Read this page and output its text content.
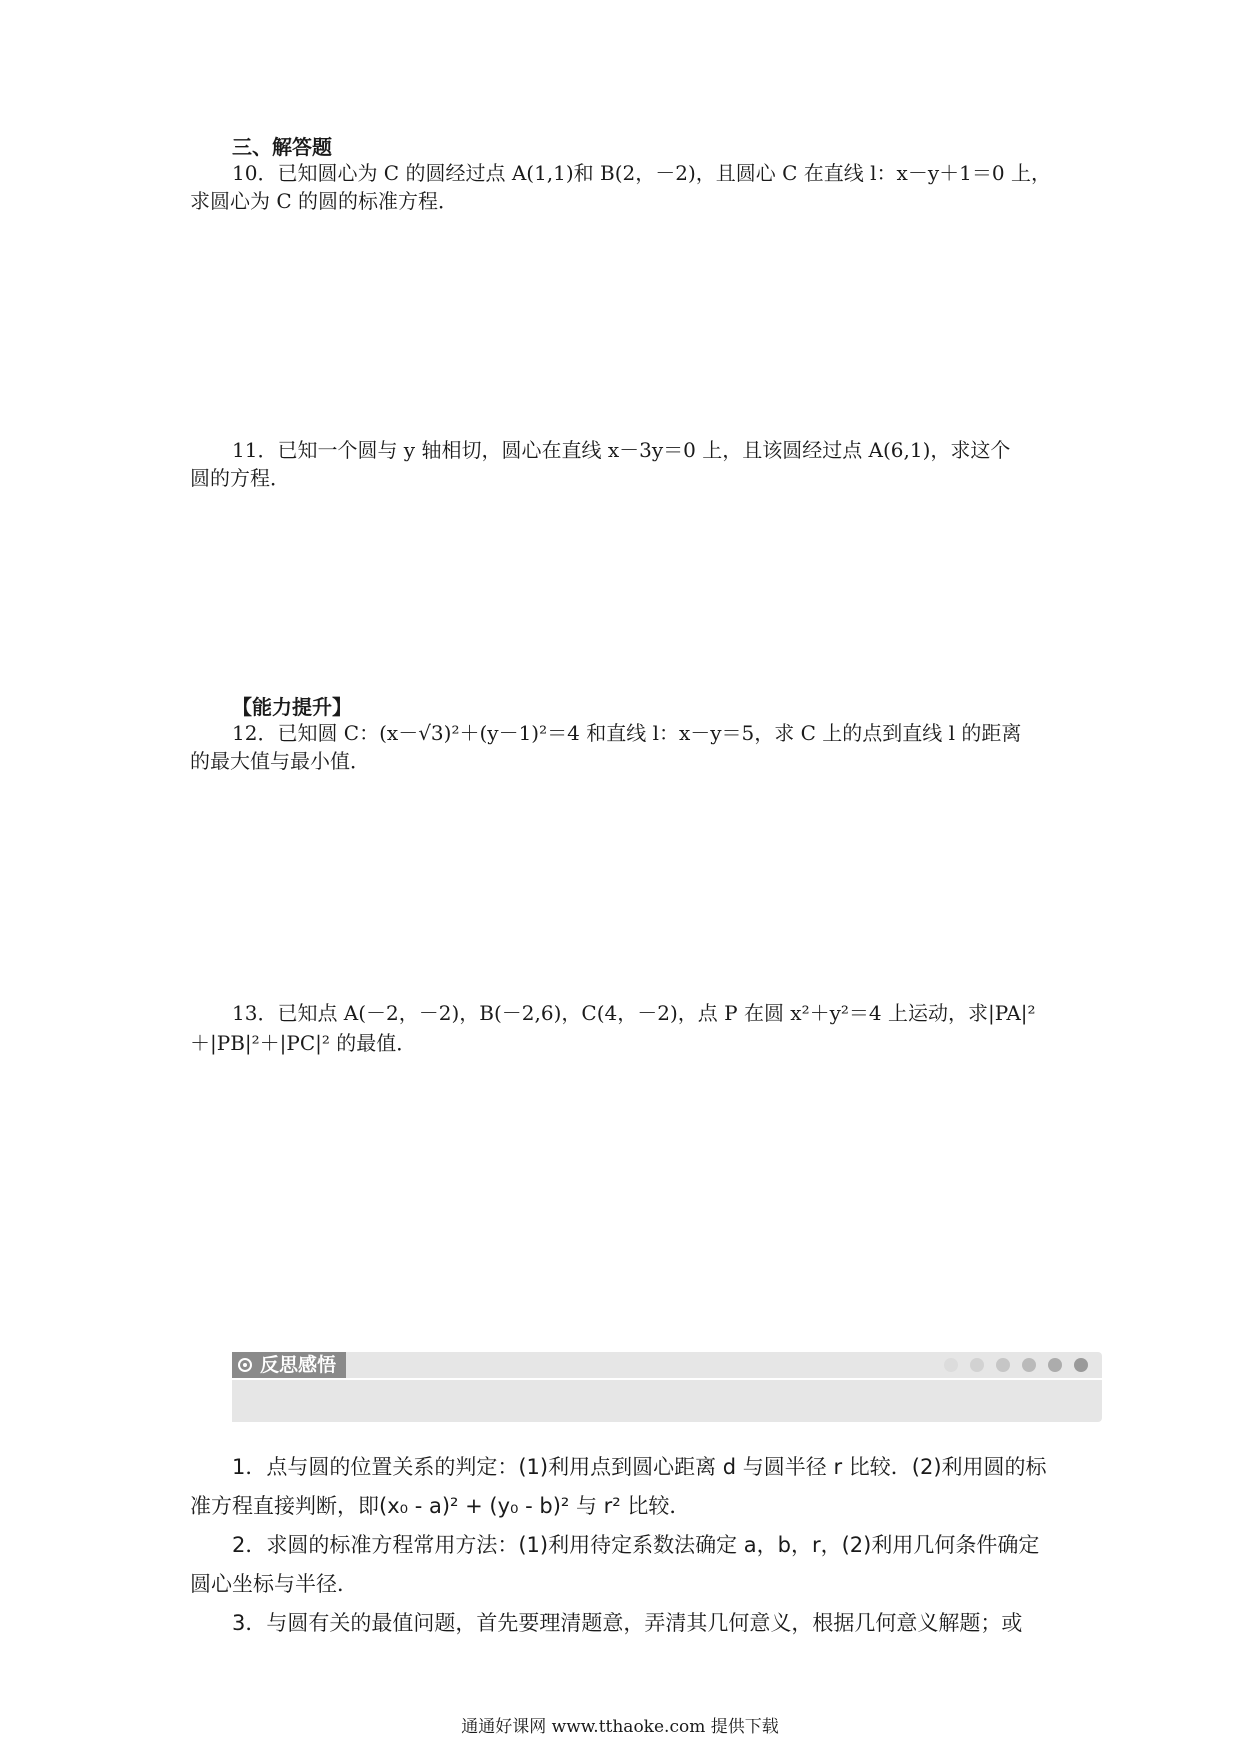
三、解答题
10．已知圆心为 C 的圆经过点 A(1,1)和 B(2，－2)，且圆心 C 在直线 l：x－y＋1＝0 上，
求圆心为 C 的圆的标准方程．
11．已知一个圆与 y 轴相切，圆心在直线 x－3y＝0 上，且该圆经过点 A(6,1)，求这个
圆的方程．
【能力提升】
12．已知圆 C：(x－√3)²＋(y－1)²＝4 和直线 l：x－y＝5，求 C 上的点到直线 l 的距离
的最大值与最小值．
13．已知点 A(－2，－2)，B(－2,6)，C(4，－2)，点 P 在圆 x²＋y²＝4 上运动，求|PA|²
＋|PB|²＋|PC|² 的最值．
反思感悟
1．点与圆的位置关系的判定：(1)利用点到圆心距离 d 与圆半径 r 比较．(2)利用圆的标
准方程直接判断，即(x₀ - a)² + (y₀ - b)² 与 r² 比较．
2．求圆的标准方程常用方法：(1)利用待定系数法确定 a，b，r，(2)利用几何条件确定
圆心坐标与半径．
3．与圆有关的最值问题，首先要理清题意，弄清其几何意义，根据几何意义解题；或
通通好课网 www.tthaoke.com 提供下载
